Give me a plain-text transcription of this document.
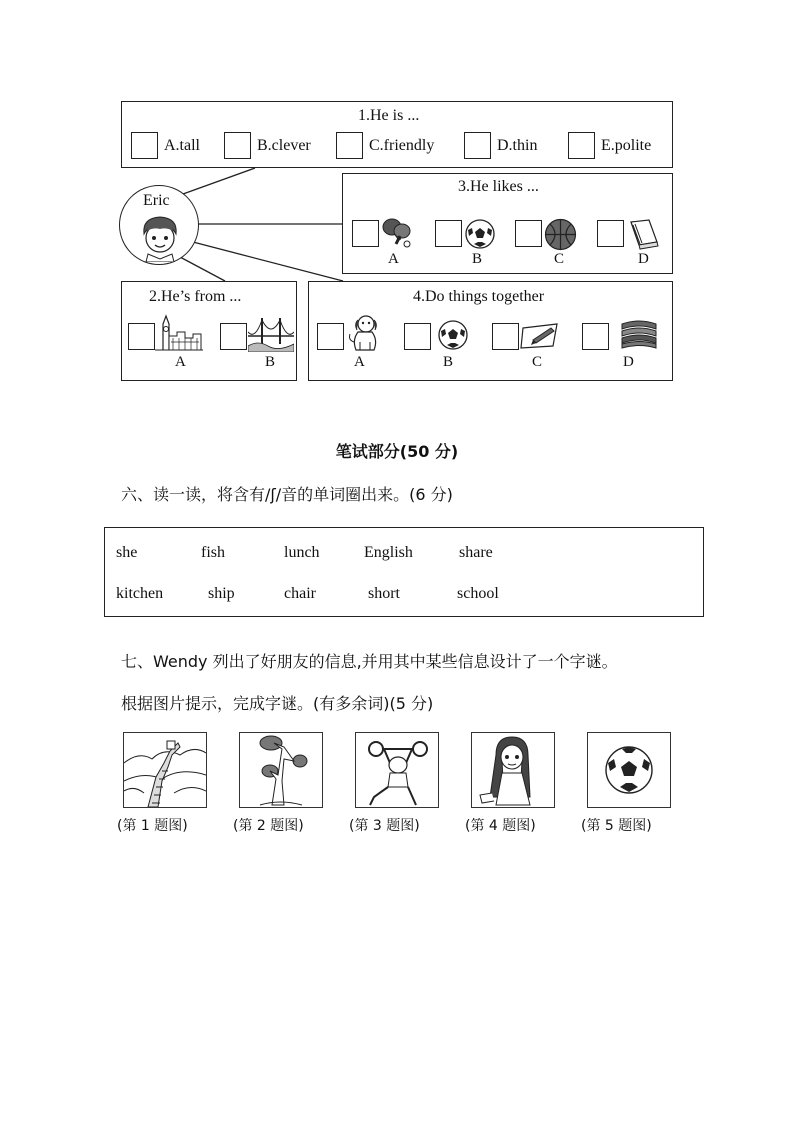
1.He is ...
A.tall	B.clever	C.friendly	D.thin	E.polite
Eric
3.He likes ...
A	B	C	D
2.He’s from ...
A	B
4.Do things together
A	B	C	D
笔试部分(50 分)
六、读一读，将含有/ʃ/音的单词圈出来。(6 分)
she	fish	lunch	English	share
kitchen	ship	chair	short	school
七、Wendy 列出了好朋友的信息,并用其中某些信息设计了一个字谜。
根据图片提示，完成字谜。(有多余词)(5 分)
(第 1 题图)	(第 2 题图)	(第 3 题图)	(第 4 题图)	(第 5 题图)
